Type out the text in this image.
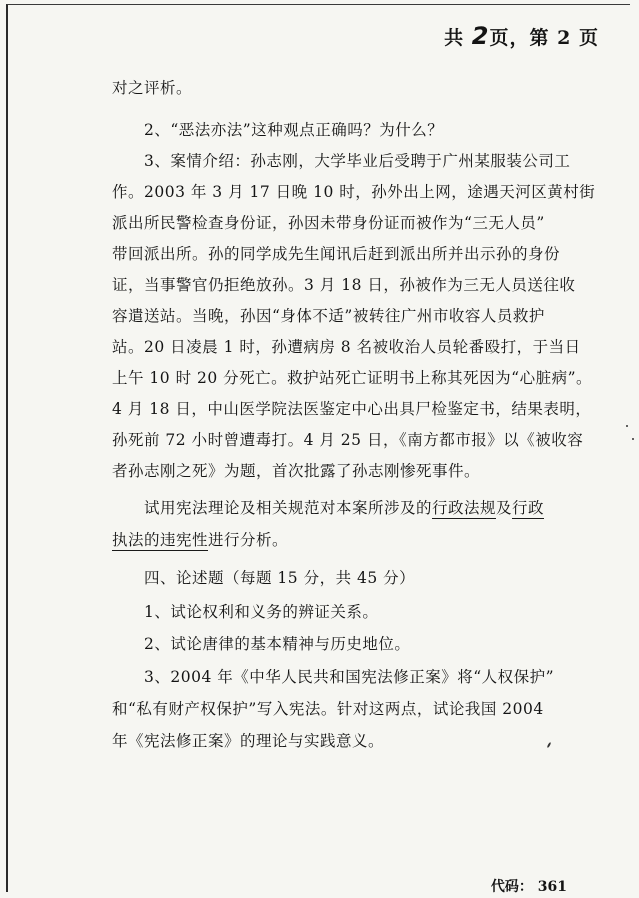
共 2页，第 2 页
对之评析。
2、“恶法亦法”这种观点正确吗？为什么？
3、案情介绍：孙志刚，大学毕业后受聘于广州某服装公司工
作。2003 年 3 月 17 日晚 10 时，孙外出上网，途遇天河区黄村街
派出所民警检查身份证，孙因未带身份证而被作为“三无人员”
带回派出所。孙的同学成先生闻讯后赶到派出所并出示孙的身份
证，当事警官仍拒绝放孙。3 月 18 日，孙被作为三无人员送往收
容遣送站。当晚，孙因“身体不适”被转往广州市收容人员救护
站。20 日凌晨 1 时，孙遭病房 8 名被收治人员轮番殴打，于当日
上午 10 时 20 分死亡。救护站死亡证明书上称其死因为“心脏病”。
4 月 18 日，中山医学院法医鉴定中心出具尸检鉴定书，结果表明，
孙死前 72 小时曾遭毒打。4 月 25 日，《南方都市报》以《被收容
者孙志刚之死》为题，首次批露了孙志刚惨死事件。
试用宪法理论及相关规范对本案所涉及的行政法规及行政
执法的违宪性进行分析。
四、论述题（每题 15 分，共 45 分）
1、试论权利和义务的辨证关系。
2、试论唐律的基本精神与历史地位。
3、2004 年《中华人民共和国宪法修正案》将“人权保护”
和“私有财产权保护”写入宪法。针对这两点，试论我国 2004
年《宪法修正案》的理论与实践意义。
代码： 361
